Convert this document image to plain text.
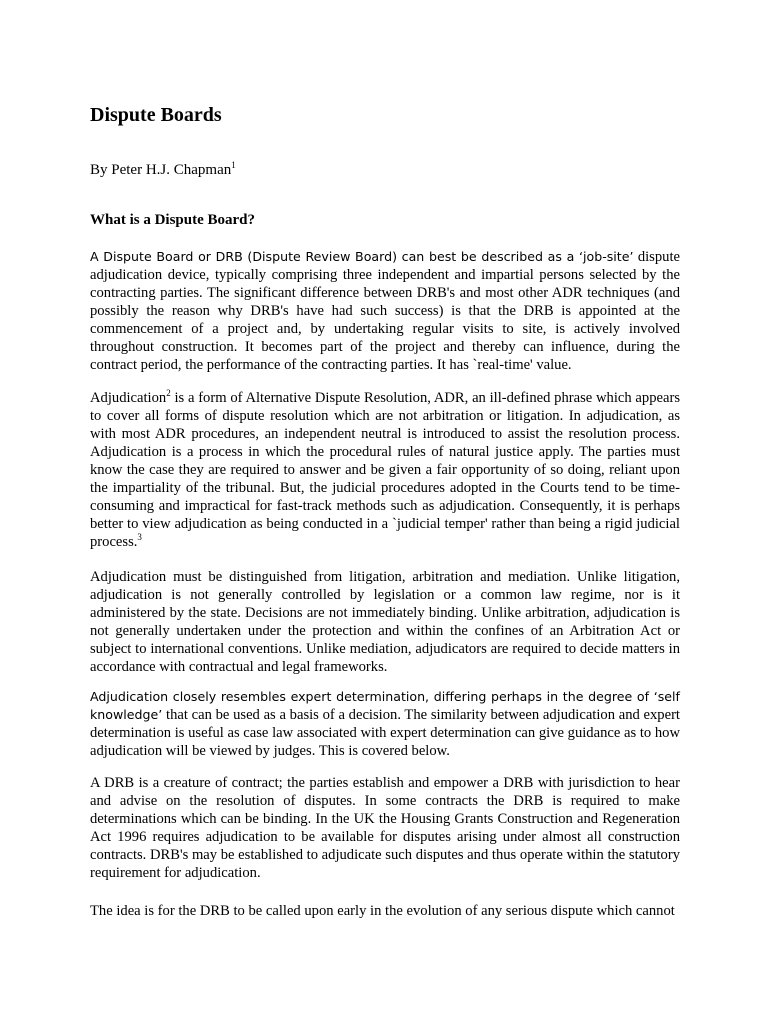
Dispute Boards
By Peter H.J. Chapman$^1$
What is a Dispute Board?

A Dispute Board or DRB (Dispute Review Board) can best be described as a ‘job-site’ dispute adjudication device, typically comprising three independent and impartial persons selected by the contracting parties. The significant difference between DRB's and most other ADR techniques (and possibly the reason why DRB's have had such success) is that the DRB is appointed at the commencement of a project and, by undertaking regular visits to site, is actively involved throughout construction. It becomes part of the project and thereby can influence, during the contract period, the performance of the contracting parties. It has `real-time' value.

Adjudication$^2$ is a form of Alternative Dispute Resolution, ADR, an ill-defined phrase which appears to cover all forms of dispute resolution which are not arbitration or litigation. In adjudication, as with most ADR procedures, an independent neutral is introduced to assist the resolution process. Adjudication is a process in which the procedural rules of natural justice apply. The parties must know the case they are required to answer and be given a fair opportunity of so doing, reliant upon the impartiality of the tribunal. But, the judicial procedures adopted in the Courts tend to be time-consuming and impractical for fast-track methods such as adjudication. Consequently, it is perhaps better to view adjudication as being conducted in a `judicial temper' rather than being a rigid judicial process.$^3$

Adjudication must be distinguished from litigation, arbitration and mediation. Unlike litigation, adjudication is not generally controlled by legislation or a common law regime, nor is it administered by the state. Decisions are not immediately binding. Unlike arbitration, adjudication is not generally undertaken under the protection and within the confines of an Arbitration Act or subject to international conventions. Unlike mediation, adjudicators are required to decide matters in accordance with contractual and legal frameworks.

Adjudication closely resembles expert determination, differing perhaps in the degree of ‘self knowledge’ that can be used as a basis of a decision. The similarity between adjudication and expert determination is useful as case law associated with expert determination can give guidance as to how adjudication will be viewed by judges. This is covered below.

A DRB is a creature of contract; the parties establish and empower a DRB with jurisdiction to hear and advise on the resolution of disputes. In some contracts the DRB is required to make determinations which can be binding. In the UK the Housing Grants Construction and Regeneration Act 1996 requires adjudication to be available for disputes arising under almost all construction contracts. DRB's may be established to adjudicate such disputes and thus operate within the statutory requirement for adjudication.

The idea is for the DRB to be called upon early in the evolution of any serious dispute which cannot
